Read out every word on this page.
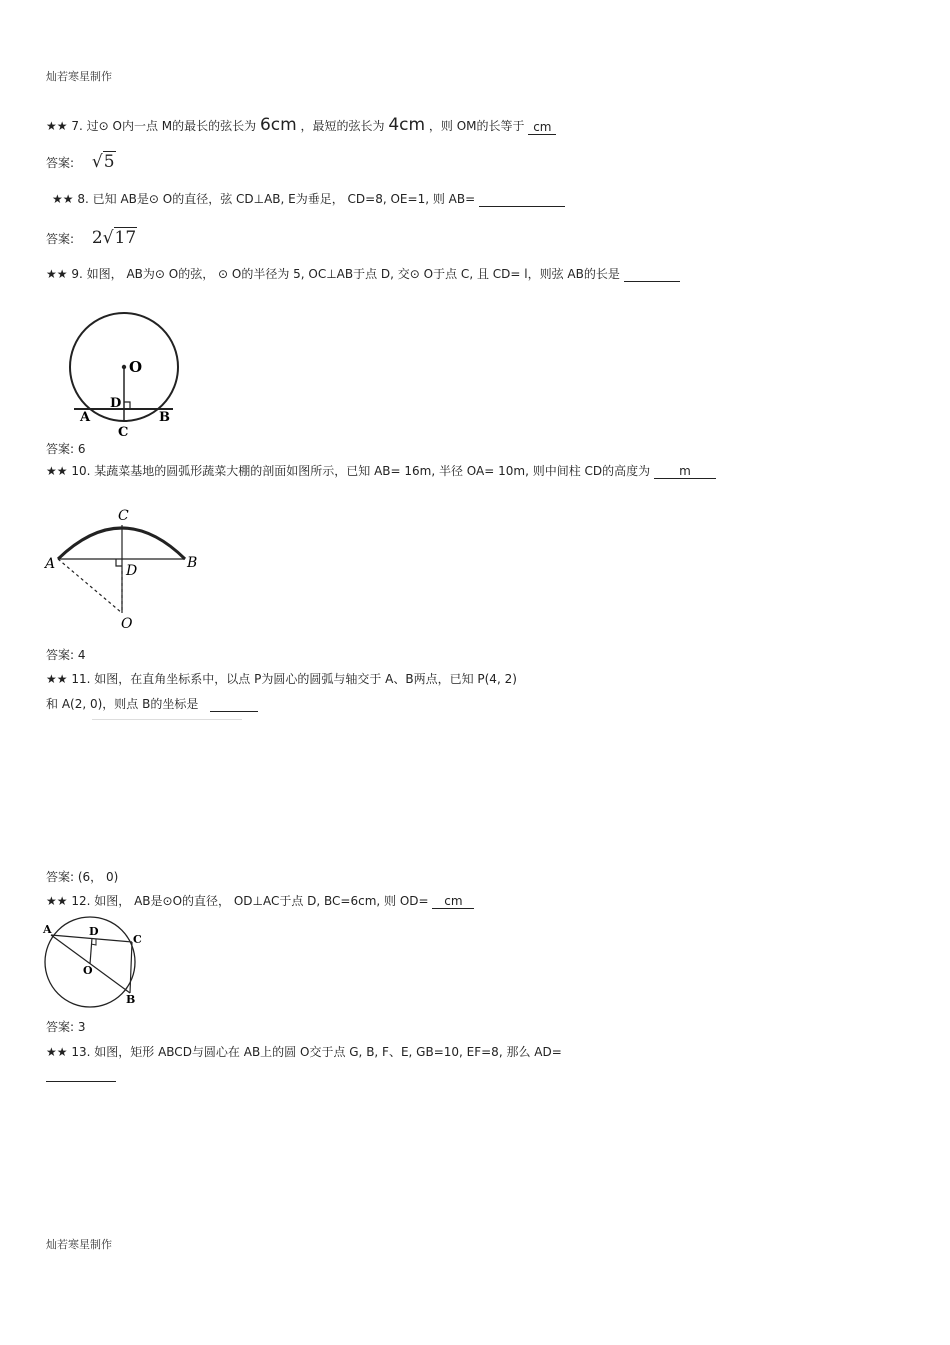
灿若寒星制作
★★ 7. 过⊙ O内一点 M的最长的弦长为 6cm ，最短的弦长为 4cm ，则 OM的长等于 cm
答案: √5
★★ 8. 已知 AB是⊙ O的直径，弦 CD⊥AB, E为垂足， CD=8, OE=1, 则 AB=
答案: 2√17
★★ 9. 如图， AB为⊙ O的弦， ⊙ O的半径为 5, OC⊥AB于点 D, 交⊙ O于点 C, 且 CD= l，则弦 AB的长是
O
A	B
C
D
答案: 6
★★ 10. 某蔬菜基地的圆弧形蔬菜大棚的剖面如图所示，已知 AB= 16m, 半径 OA= 10m, 则中间柱 CD的高度为 m
C
A	B
D
O
答案: 4
★★ 11. 如图，在直角坐标系中，以点 P为圆心的圆弧与轴交于 A、B两点，已知 P(4, 2)
和 A(2, 0)，则点 B的坐标是
答案: (6， 0)
★★ 12. 如图， AB是⊙O的直径， OD⊥AC于点 D, BC=6cm, 则 OD= cm
A	D
C
O
B
答案: 3
★★ 13. 如图，矩形 ABCD与圆心在 AB上的圆 O交于点 G, B, F、E, GB=10, EF=8, 那么 AD=
灿若寒星制作
